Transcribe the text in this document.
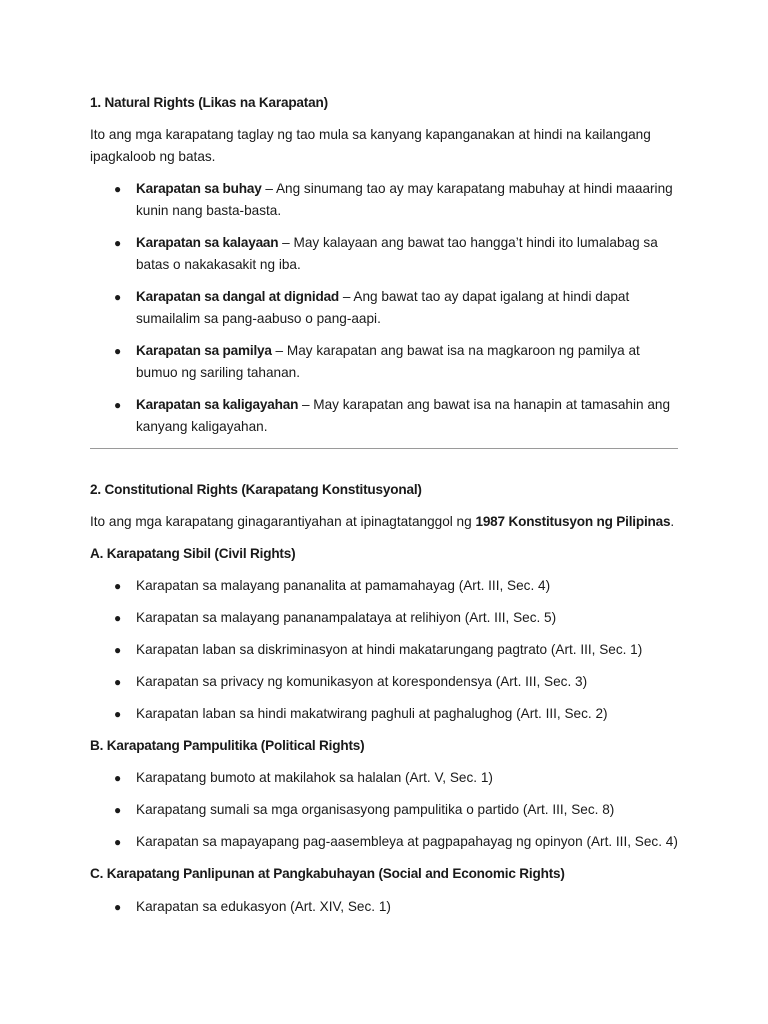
1. Natural Rights (Likas na Karapatan)

Ito ang mga karapatang taglay ng tao mula sa kanyang kapanganakan at hindi na kailangang
ipagkaloob ng batas.

● Karapatan sa buhay – Ang sinumang tao ay may karapatang mabuhay at hindi maaaring
kunin nang basta-basta.
● Karapatan sa kalayaan – May kalayaan ang bawat tao hangga’t hindi ito lumalabag sa
batas o nakakasakit ng iba.
● Karapatan sa dangal at dignidad – Ang bawat tao ay dapat igalang at hindi dapat
sumailalim sa pang-aabuso o pang-aapi.
● Karapatan sa pamilya – May karapatan ang bawat isa na magkaroon ng pamilya at
bumuo ng sariling tahanan.
● Karapatan sa kaligayahan – May karapatan ang bawat isa na hanapin at tamasahin ang
kanyang kaligayahan.
2. Constitutional Rights (Karapatang Konstitusyonal)

Ito ang mga karapatang ginagarantiyahan at ipinagtatanggol ng 1987 Konstitusyon ng Pilipinas.

A. Karapatang Sibil (Civil Rights)
● Karapatan sa malayang pananalita at pamamahayag (Art. III, Sec. 4)
● Karapatan sa malayang pananampalataya at relihiyon (Art. III, Sec. 5)
● Karapatan laban sa diskriminasyon at hindi makatarungang pagtrato (Art. III, Sec. 1)
● Karapatan sa privacy ng komunikasyon at korespondensya (Art. III, Sec. 3)
● Karapatan laban sa hindi makatwirang paghuli at paghalughog (Art. III, Sec. 2)
B. Karapatang Pampulitika (Political Rights)
● Karapatang bumoto at makilahok sa halalan (Art. V, Sec. 1)
● Karapatang sumali sa mga organisasyong pampulitika o partido (Art. III, Sec. 8)
● Karapatan sa mapayapang pag-aasembleya at pagpapahayag ng opinyon (Art. III, Sec. 4)
C. Karapatang Panlipunan at Pangkabuhayan (Social and Economic Rights)
● Karapatan sa edukasyon (Art. XIV, Sec. 1)
